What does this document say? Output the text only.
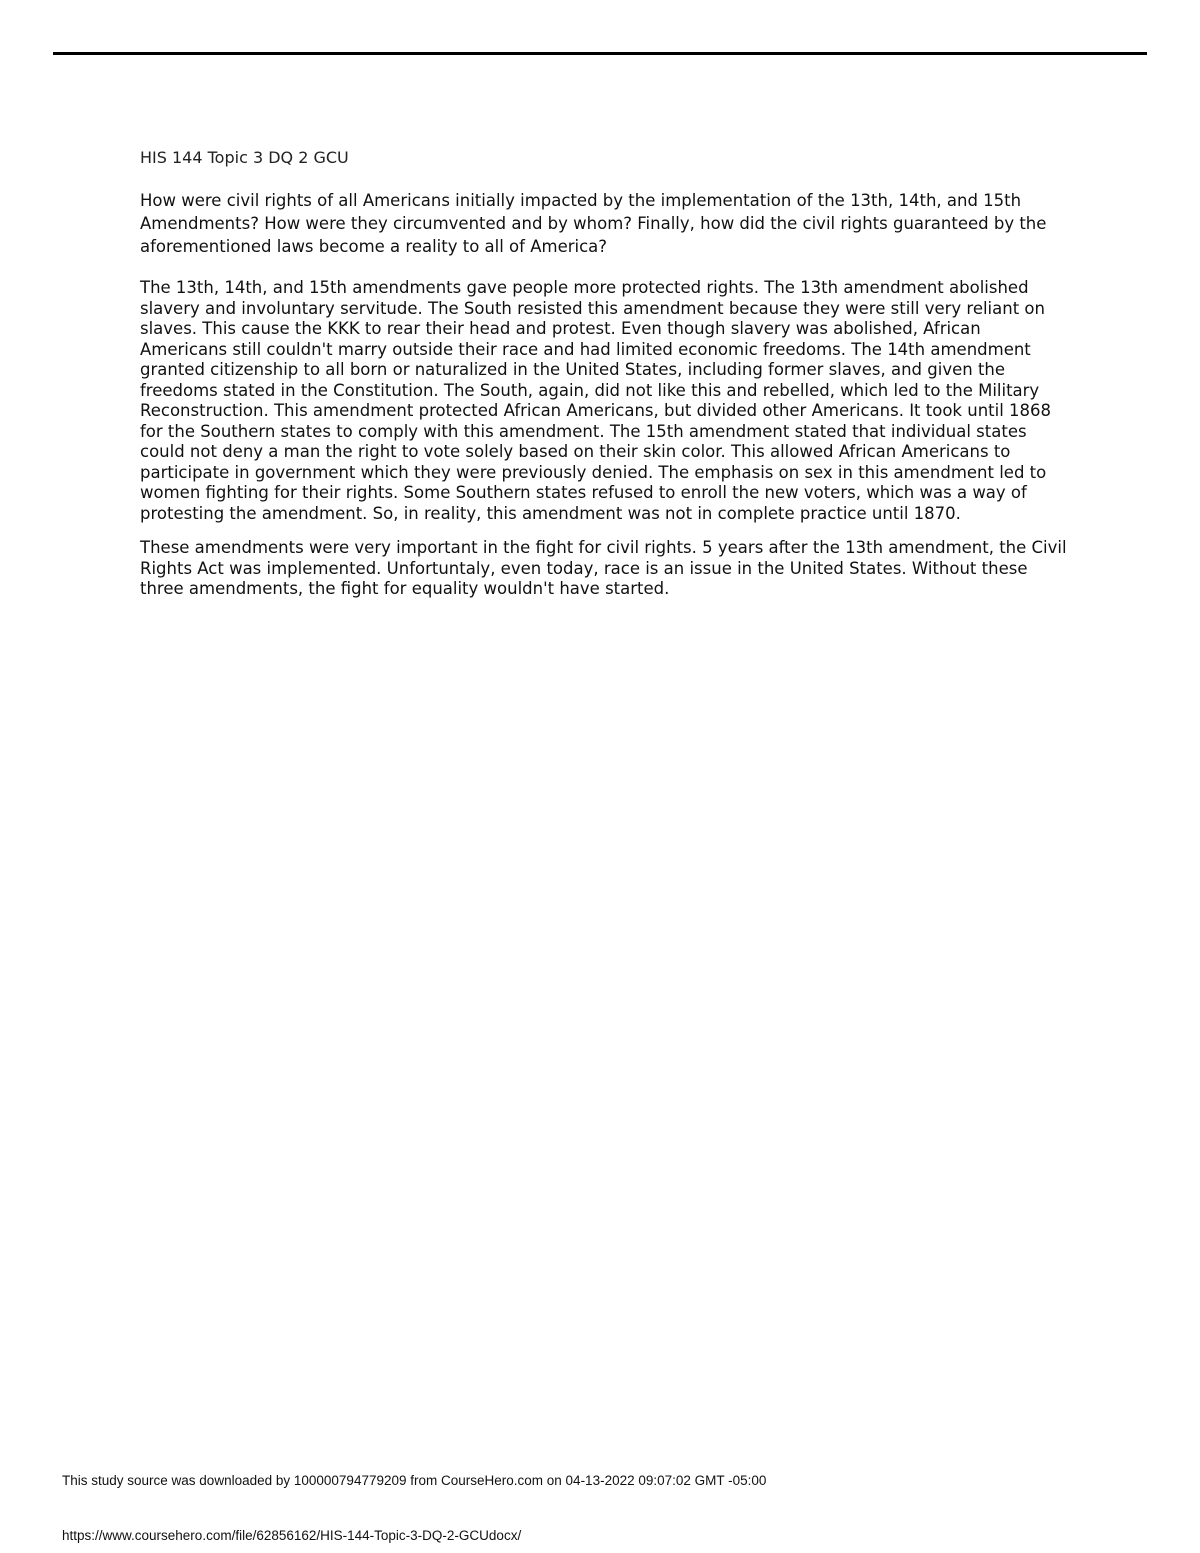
HIS 144 Topic 3 DQ 2 GCU

How were civil rights of all Americans initially impacted by the implementation of the 13th, 14th, and 15th Amendments? How were they circumvented and by whom? Finally, how did the civil rights guaranteed by the aforementioned laws become a reality to all of America?

The 13th, 14th, and 15th amendments gave people more protected rights. The 13th amendment abolished slavery and involuntary servitude. The South resisted this amendment because they were still very reliant on slaves. This cause the KKK to rear their head and protest. Even though slavery was abolished, African Americans still couldn't marry outside their race and had limited economic freedoms. The 14th amendment granted citizenship to all born or naturalized in the United States, including former slaves, and given the freedoms stated in the Constitution. The South, again, did not like this and rebelled, which led to the Military Reconstruction. This amendment protected African Americans, but divided other Americans. It took until 1868 for the Southern states to comply with this amendment. The 15th amendment stated that individual states could not deny a man the right to vote solely based on their skin color. This allowed African Americans to participate in government which they were previously denied. The emphasis on sex in this amendment led to women fighting for their rights. Some Southern states refused to enroll the new voters, which was a way of protesting the amendment. So, in reality, this amendment was not in complete practice until 1870.

These amendments were very important in the fight for civil rights. 5 years after the 13th amendment, the Civil Rights Act was implemented. Unfortuntaly, even today, race is an issue in the United States. Without these three amendments, the fight for equality wouldn't have started.

This study source was downloaded by 100000794779209 from CourseHero.com on 04-13-2022 09:07:02 GMT -05:00
https://www.coursehero.com/file/62856162/HIS-144-Topic-3-DQ-2-GCUdocx/
